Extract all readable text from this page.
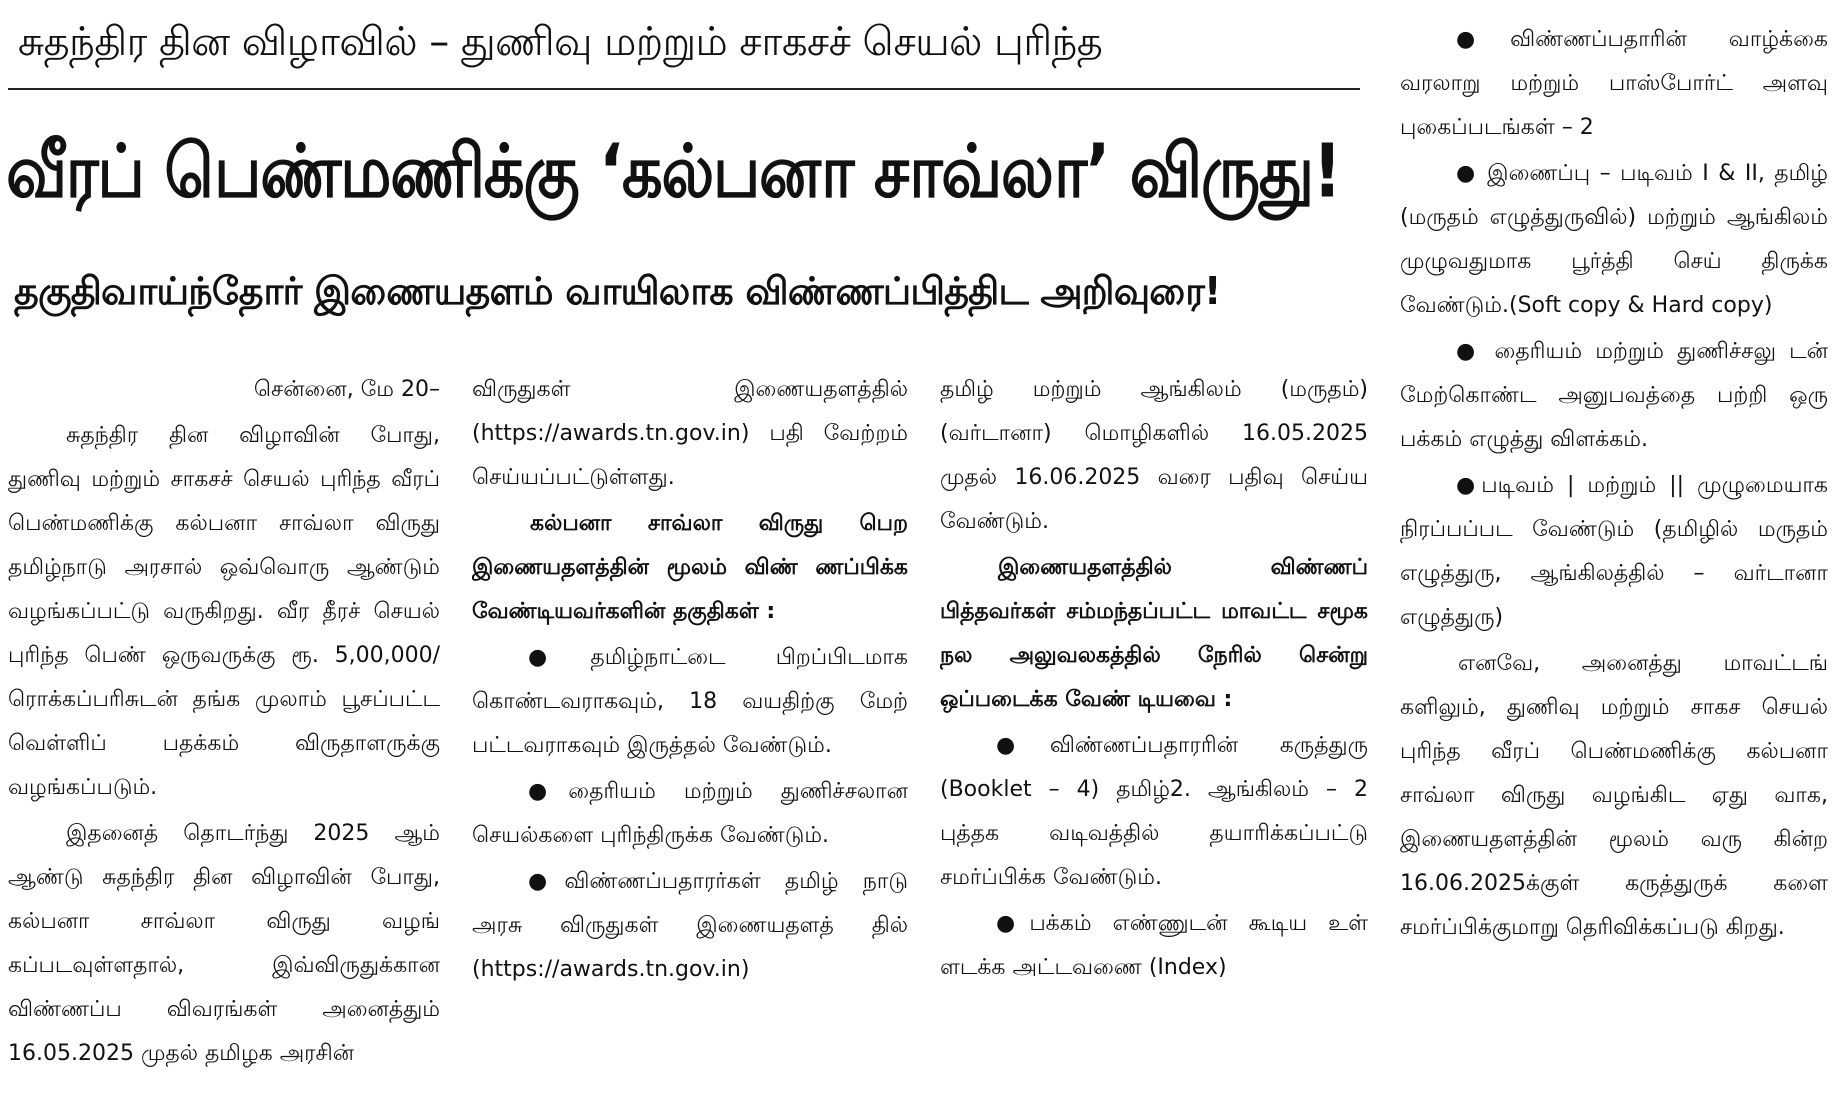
சுதந்திர தின விழாவில் – துணிவு மற்றும் சாகசச் செயல் புரிந்த
வீரப் பெண்மணிக்கு ‘கல்பனா சாவ்லா’ விருது!
தகுதிவாய்ந்தோர் இணையதளம் வாயிலாக விண்ணப்பித்திட அறிவுரை!

சென்னை, மே 20–

சுதந்திர தின விழாவின் போது, துணிவு மற்றும் சாகசச் செயல் புரிந்த வீரப் பெண்மணிக்கு கல்பனா சாவ்லா விருது தமிழ்நாடு அரசால் ஒவ்வொரு ஆண்டும் வழங்கப்பட்டு வருகிறது. வீர தீரச் செயல் புரிந்த பெண் ஒருவருக்கு ரூ. 5,00,000/ரொக்கப்பரிசுடன் தங்க முலாம் பூசப்பட்ட வெள்ளிப் பதக்கம் விருதாளருக்கு வழங்கப்படும்.

இதனைத் தொடர்ந்து 2025 ஆம் ஆண்டு சுதந்திர தின விழாவின் போது, கல்பனா சாவ்லா விருது வழங் கப்படவுள்ளதால், இவ்விருதுக்கான விண்ணப்ப விவரங்கள் அனைத்தும் 16.05.2025 முதல் தமிழக அரசின்

விருதுகள் இணையதளத்தில் (https://awards.tn.gov.in) பதி வேற்றம் செய்யப்பட்டுள்ளது.

கல்பனா சாவ்லா விருது பெற இணையதளத்தின் மூலம் விண் ணப்பிக்க வேண்டியவர்களின் தகுதிகள் :

●தமிழ்நாட்டை பிறப்பிடமாக கொண்டவராகவும், 18 வயதிற்கு மேற் பட்டவராகவும் இருத்தல் வேண்டும்.

●தைரியம் மற்றும் துணிச்சலான செயல்களை புரிந்திருக்க வேண்டும்.

●விண்ணப்பதாரர்கள் தமிழ் நாடு அரசு விருதுகள் இணையதளத் தில் (https://awards.tn.gov.in)

தமிழ் மற்றும் ஆங்கிலம் (மருதம்) (வர்டானா) மொழிகளில் 16.05.2025 முதல் 16.06.2025 வரை பதிவு செய்ய வேண்டும்.

இணையதளத்தில் விண்ணப் பித்தவர்கள் சம்மந்தப்பட்ட மாவட்ட சமூக நல அலுவலகத்தில் நேரில் சென்று ஒப்படைக்க வேண் டியவை :

●விண்ணப்பதாரரின் கருத்துரு (Booklet – 4) தமிழ்2. ஆங்கிலம் – 2 புத்தக வடிவத்தில் தயாரிக்கப்பட்டு சமர்ப்பிக்க வேண்டும்.

●பக்கம் எண்ணுடன் கூடிய உள் ளடக்க அட்டவணை (Index)

●விண்ணப்பதாரின் வாழ்க்கை வரலாறு மற்றும் பாஸ்போர்ட் அளவு புகைப்படங்கள் – 2

● இணைப்பு – படிவம் I & II, தமிழ் (மருதம் எழுத்துருவில்) மற்றும் ஆங்கிலம் முழுவதுமாக பூர்த்தி செய் திருக்க வேண்டும்.(Soft copy & Hard copy)

● தைரியம் மற்றும் துணிச்சலு டன் மேற்கொண்ட அனுபவத்தை பற்றி ஒரு பக்கம் எழுத்து விளக்கம்.

●படிவம் | மற்றும் || முழுமையாக நிரப்பப்பட வேண்டும் (தமிழில் மருதம் எழுத்துரு, ஆங்கிலத்தில் – வர்டானா எழுத்துரு)

எனவே, அனைத்து மாவட்டங் களிலும், துணிவு மற்றும் சாகச செயல் புரிந்த வீரப் பெண்மணிக்கு கல்பனா சாவ்லா விருது வழங்கிட ஏது வாக, இணையதளத்தின் மூலம் வரு கின்ற 16.06.2025க்குள் கருத்துருக் களை சமர்ப்பிக்குமாறு தெரிவிக்கப்படு கிறது.
